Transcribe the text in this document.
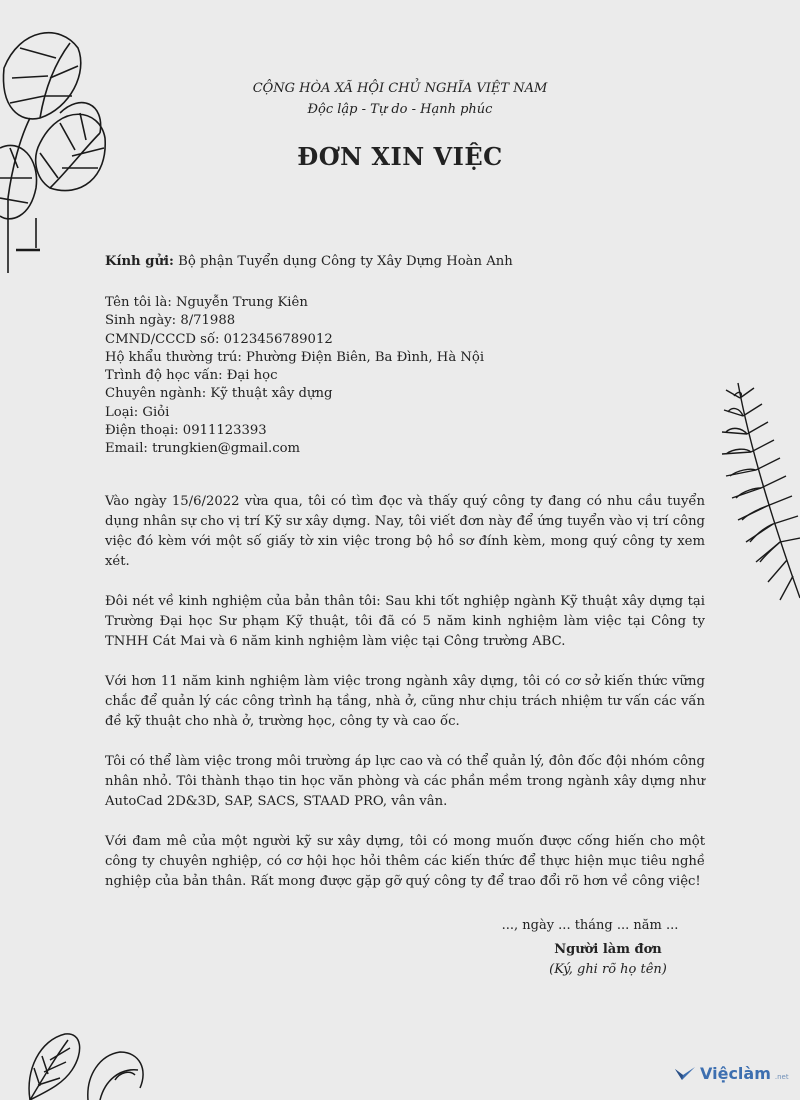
CỘNG HÒA XÃ HỘI CHỦ NGHĨA VIỆT NAM
Độc lập - Tự do - Hạnh phúc
ĐƠN XIN VIỆC
Kính gửi: Bộ phận Tuyển dụng Công ty Xây Dựng Hoàn Anh
Tên tôi là: Nguyễn Trung Kiên
Sinh ngày: 8/71988
CMND/CCCD số: 0123456789012
Hộ khẩu thường trú: Phường Điện Biên, Ba Đình, Hà Nội
Trình độ học vấn: Đại học
Chuyên ngành: Kỹ thuật xây dựng
Loại: Giỏi
Điện thoại: 0911123393
Email: trungkien@gmail.com

Vào ngày 15/6/2022 vừa qua, tôi có tìm đọc và thấy quý công ty đang có nhu cầu tuyển dụng nhân sự cho vị trí Kỹ sư xây dựng. Nay, tôi viết đơn này để ứng tuyển vào vị trí công việc đó kèm với một số giấy tờ xin việc trong bộ hồ sơ đính kèm, mong quý công ty xem xét.

Đôi nét về kinh nghiệm của bản thân tôi: Sau khi tốt nghiệp ngành Kỹ thuật xây dựng tại Trường Đại học Sư phạm Kỹ thuật, tôi đã có 5 năm kinh nghiệm làm việc tại Công ty TNHH Cát Mai và 6 năm kinh nghiệm làm việc tại Công trường ABC.

Với hơn 11 năm kinh nghiệm làm việc trong ngành xây dựng, tôi có cơ sở kiến thức vững chắc để quản lý các công trình hạ tầng, nhà ở, cũng như chịu trách nhiệm tư vấn các vấn đề kỹ thuật cho nhà ở, trường học, công ty và cao ốc.

Tôi có thể làm việc trong môi trường áp lực cao và có thể quản lý, đôn đốc đội nhóm công nhân nhỏ. Tôi thành thạo tin học văn phòng và các phần mềm trong ngành xây dựng như AutoCad 2D&3D, SAP, SACS, STAAD PRO, vân vân.

Với đam mê của một người kỹ sư xây dựng, tôi có mong muốn được cống hiến cho một công ty chuyên nghiệp, có cơ hội học hỏi thêm các kiến thức để thực hiện mục tiêu nghề nghiệp của bản thân. Rất mong được gặp gỡ quý công ty để trao đổi rõ hơn về công việc!

..., ngày ... tháng ... năm ...
Người làm đơn
(Ký, ghi rõ họ tên)
Việclàm .net
